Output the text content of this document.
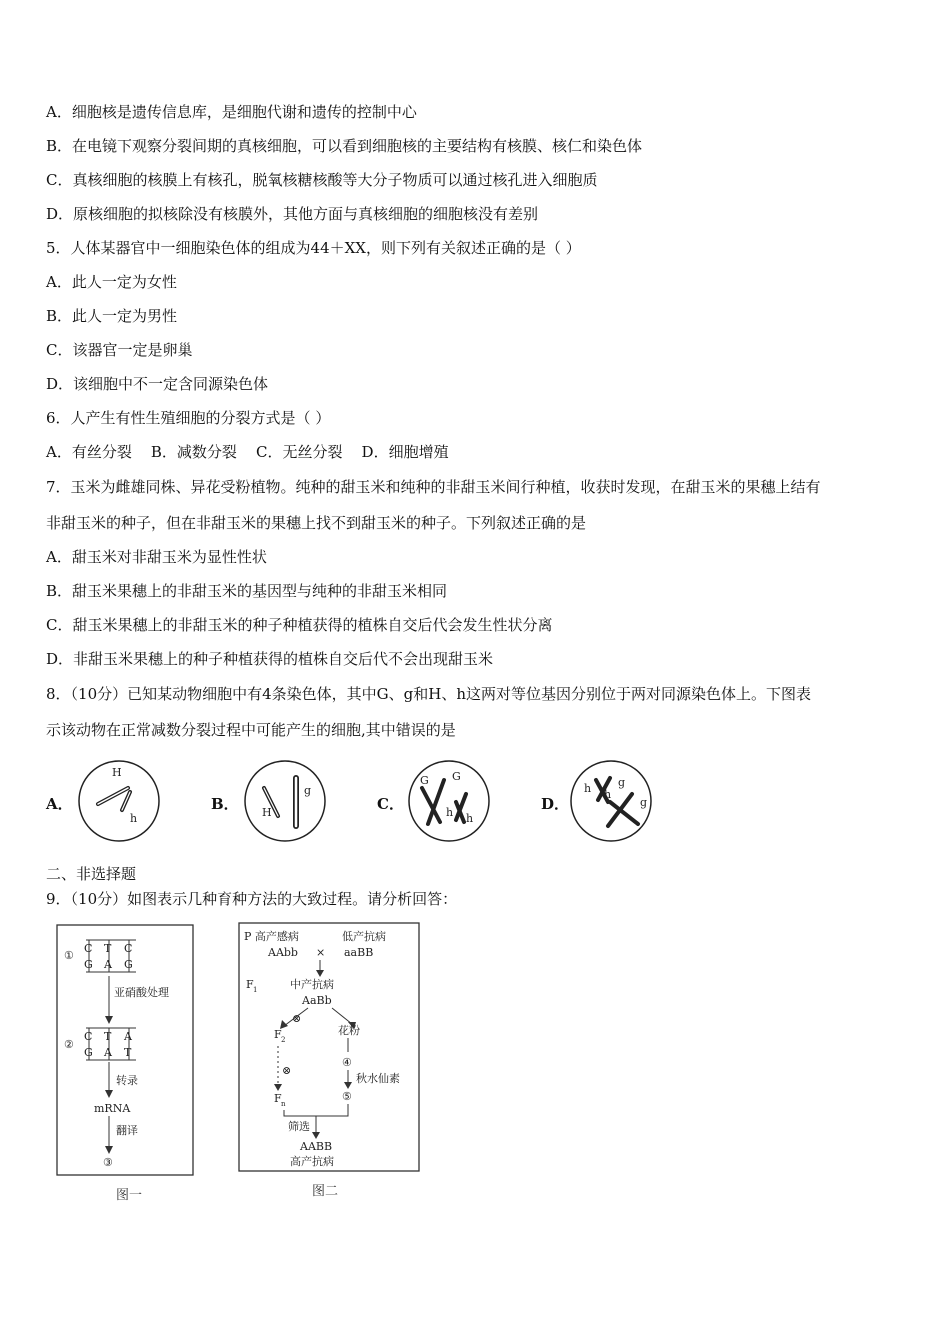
A．细胞核是遗传信息库，是细胞代谢和遗传的控制中心
B．在电镜下观察分裂间期的真核细胞，可以看到细胞核的主要结构有核膜、核仁和染色体
C．真核细胞的核膜上有核孔，脱氧核糖核酸等大分子物质可以通过核孔进入细胞质
D．原核细胞的拟核除没有核膜外，其他方面与真核细胞的细胞核没有差别
5．人体某器官中一细胞染色体的组成为44＋XX，则下列有关叙述正确的是（ ）
A．此人一定为女性
B．此人一定为男性
C．该器官一定是卵巢
D．该细胞中不一定含同源染色体
6．人产生有性生殖细胞的分裂方式是（ ）
A．有丝分裂    B．减数分裂    C．无丝分裂    D．细胞增殖
7．玉米为雌雄同株、异花受粉植物。纯种的甜玉米和纯种的非甜玉米间行种植，收获时发现，在甜玉米的果穗上结有
非甜玉米的种子，但在非甜玉米的果穗上找不到甜玉米的种子。下列叙述正确的是
A．甜玉米对非甜玉米为显性性状
B．甜玉米果穗上的非甜玉米的基因型与纯种的非甜玉米相同
C．甜玉米果穗上的非甜玉米的种子种植获得的植株自交后代会发生性状分离
D．非甜玉米果穗上的种子种植获得的植株自交后代不会出现甜玉米
8．（10分）已知某动物细胞中有4条染色体，其中G、g和H、h这两对等位基因分别位于两对同源染色体上。下图表
示该动物在正常减数分裂过程中可能产生的细胞,其中错误的是
A．
H
h
B． H
g
C．
G G
h h
D．
h h
g
g
二、非选择题
9．（10分）如图表示几种育种方法的大致过程。请分析回答：
①
C T C
G A G
亚硝酸处理
②
C T A
G A T
转录
mRNA
翻译
③
图一
P 高产感病	低产抗病
AAbb × aaBB
F 1	中产抗病
AaBb
⊗
花粉
F 2
⊗
④
秋水仙素
F n
⑤
筛选
AABB
高产抗病
图二
